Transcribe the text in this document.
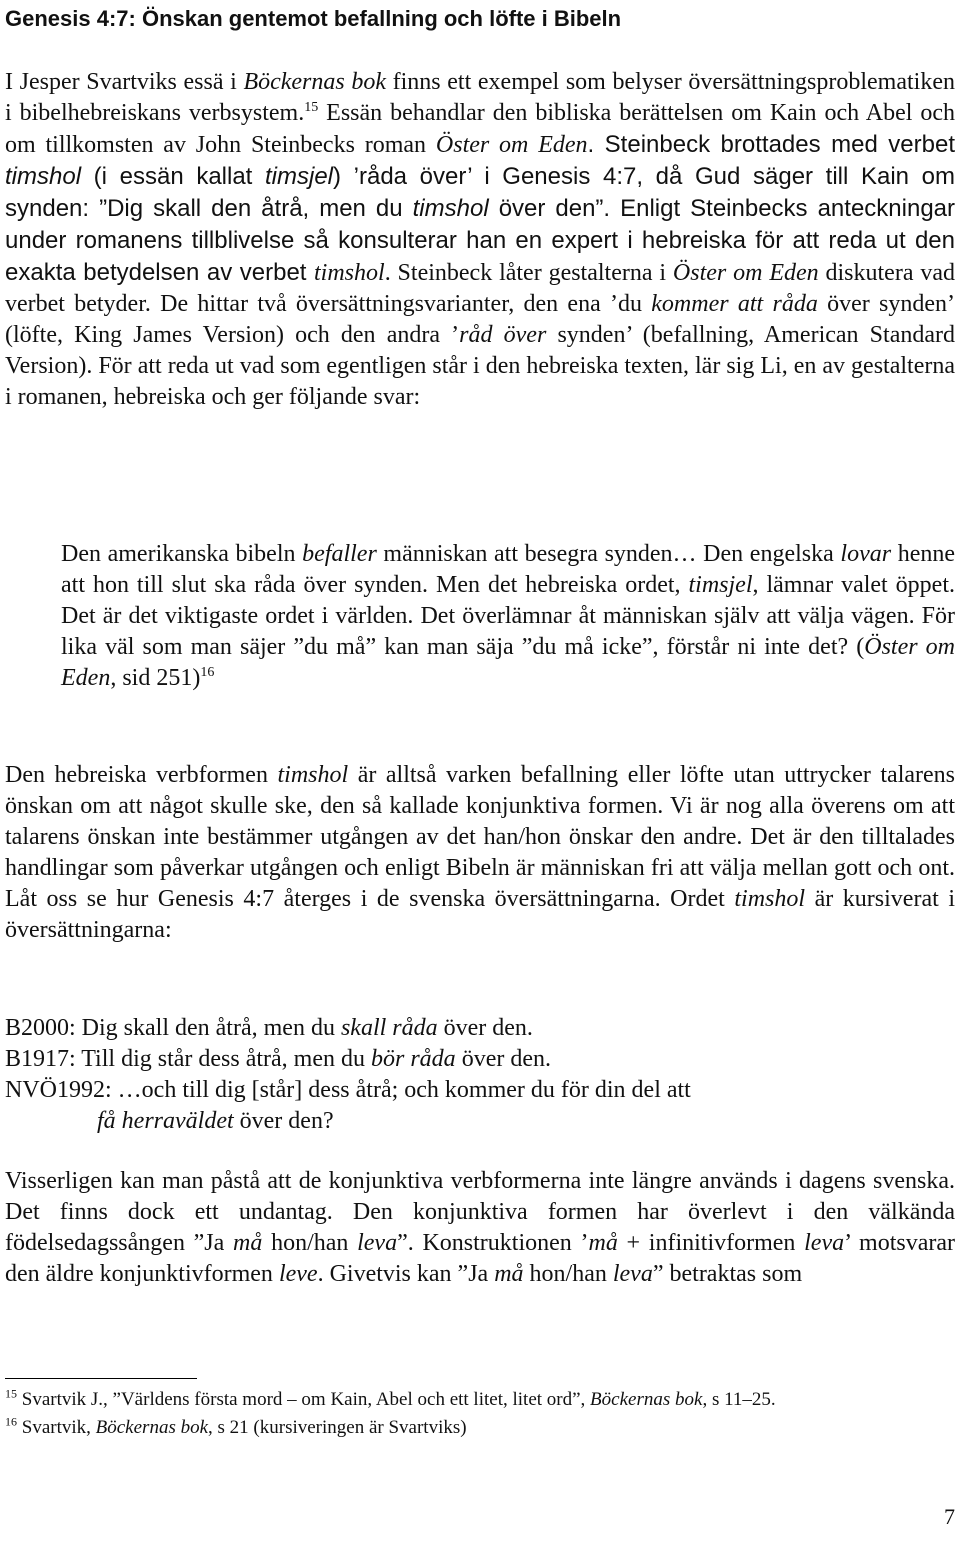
Genesis 4:7: Önskan gentemot befallning och löfte i Bibeln

I Jesper Svartviks essä i Böckernas bok finns ett exempel som belyser översättningsproblematiken i bibelhebreiskans verbsystem.$^{15}$ Essän behandlar den bibliska berättelsen om Kain och Abel och om tillkomsten av John Steinbecks roman Öster om Eden. Steinbeck brottades med verbet timshol (i essän kallat timsjel) ’råda över’ i Genesis 4:7, då Gud säger till Kain om synden: ”Dig skall den åtrå, men du timshol över den”. Enligt Steinbecks anteckningar under romanens tillblivelse så konsulterar han en expert i hebreiska för att reda ut den exakta betydelsen av verbet timshol. Steinbeck låter gestalterna i Öster om Eden diskutera vad verbet betyder. De hittar två översättningsvarianter, den ena ’du kommer att råda över synden’ (löfte, King James Version) och den andra ’råd över synden’ (befallning, American Standard Version). För att reda ut vad som egentligen står i den hebreiska texten, lär sig Li, en av gestalterna i romanen, hebreiska och ger följande svar:

Den amerikanska bibeln befaller människan att besegra synden… Den engelska lovar henne att hon till slut ska råda över synden. Men det hebreiska ordet, timsjel, lämnar valet öppet. Det är det viktigaste ordet i världen. Det överlämnar åt människan själv att välja vägen. För lika väl som man säjer ”du må” kan man säja ”du må icke”, förstår ni inte det? (Öster om Eden, sid 251)$^{16}$

Den hebreiska verbformen timshol är alltså varken befallning eller löfte utan uttrycker talarens önskan om att något skulle ske, den så kallade konjunktiva formen. Vi är nog alla överens om att talarens önskan inte bestämmer utgången av det han/hon önskar den andre. Det är den tilltalades handlingar som påverkar utgången och enligt Bibeln är människan fri att välja mellan gott och ont. Låt oss se hur Genesis 4:7 återges i de svenska översättningarna. Ordet timshol är kursiverat i översättningarna:

B2000: Dig skall den åtrå, men du skall råda över den.
B1917: Till dig står dess åtrå, men du bör råda över den.
NVÖ1992: …och till dig [står] dess åtrå; och kommer du för din del att
få herraväldet över den?

Visserligen kan man påstå att de konjunktiva verbformerna inte längre används i dagens svenska. Det finns dock ett undantag. Den konjunktiva formen har överlevt i den välkända födelsedagssången ”Ja må hon/han leva”. Konstruktionen ’må + infinitivformen leva’ motsvarar den äldre konjunktivformen leve. Givetvis kan ”Ja må hon/han leva” betraktas som

$^{15}$ Svartvik J., ”Världens första mord – om Kain, Abel och ett litet, litet ord”, Böckernas bok, s 11–25.

$^{16}$ Svartvik, Böckernas bok, s 21 (kursiveringen är Svartviks)

7
